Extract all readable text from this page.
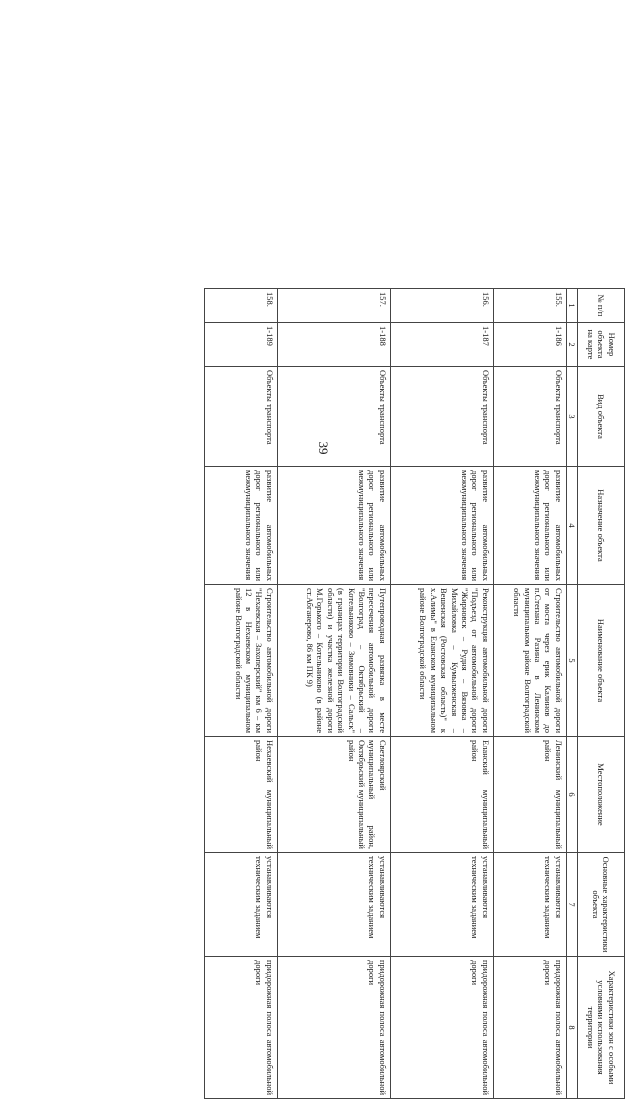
39
№ п/п	Номер объекта на карте	Вид объекта	Назначение объекта	Наименование объекта	Местоположение	Основные характеристики объекта	Характеристики зон с особыми условиями использования территории
1	2	3	4	5	6	7	8
155.	1-186	Объекты транспорта	развитие автомобильных дорог регионального или межмуниципального значения	Строительство автомобильной дороги от моста через ерик Калинов до п.Степана Разина в Ленинском муниципальном районе Волгоградской области	Ленинский муниципальный район	устанавливаются техническим заданием	придорожная полоса автомобильной дороги
156.	1-187	Объекты транспорта	развитие автомобильных дорог регионального или межмуниципального значения	Реконструкция автомобильной дороги "Подъезд от автомобильной дороги "Жирновск – Рудня – Вязовка – Михайловка – Кумылженская – Вешенская (Ростовская область)" к х.Алимы" в Еланском муниципальном районе Волгоградской области	Еланский муниципальный район	устанавливаются техническим заданием	придорожная полоса автомобильной дороги
157.	1-188	Объекты транспорта	развитие автомобильных дорог регионального или межмуниципального значения	Путепроводная развязка в месте пересечения автомобильной дороги "Волгоград – Октябрьский – Котельниково – Зимовники – Сальск" (в границах территории Волгоградской области) и участка железной дороги М.Горького – Котельниково (в районе ст.Абганерово, 86 км ПК 9)	Светлоярский муниципальный район, Октябрьский муниципальный район	устанавливаются техническим заданием	придорожная полоса автомобильной дороги
158.	1-189	Объекты транспорта	развитие автомобильных дорог регионального или межмуниципального значения	Строительство автомобильной дороги "Нехаевская – Захоперский" км 6 – км 12 в Нехаевском муниципальном районе Волгоградской области	Нехаевский муниципальный район	устанавливаются техническим заданием	придорожная полоса автомобильной дороги
